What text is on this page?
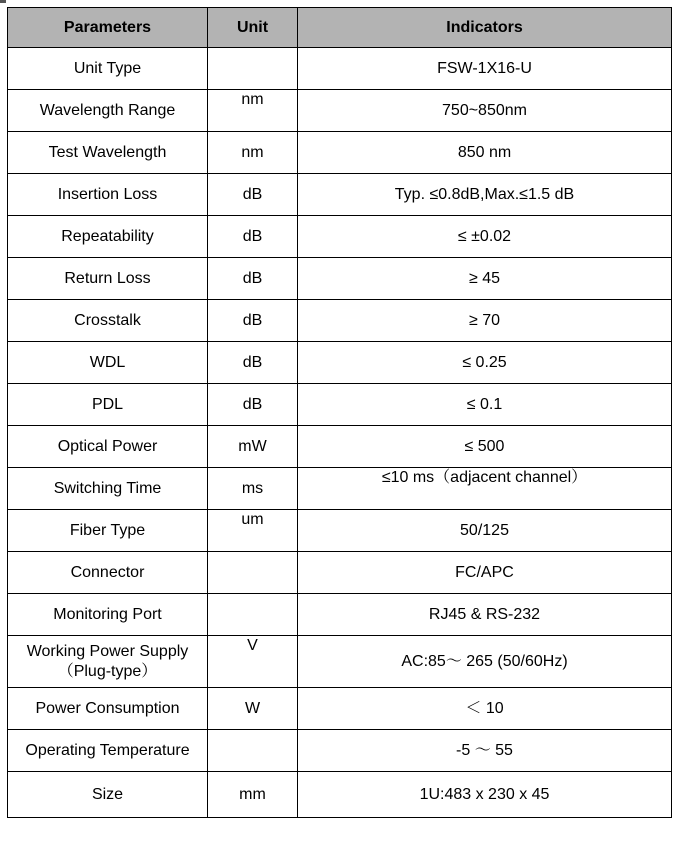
Parameters	Unit	Indicators
Unit Type		FSW-1X16-U
Wavelength Range	nm	750~850nm
Test Wavelength	nm	850 nm
Insertion Loss	dB	Typ. ≤0.8dB,Max.≤1.5 dB
Repeatability	dB	≤ ±0.02
Return Loss	dB	≥ 45
Crosstalk	dB	≥ 70
WDL	dB	≤ 0.25
PDL	dB	≤ 0.1
Optical Power	mW	≤ 500
Switching Time	ms	≤10 ms（adjacent channel）
Fiber Type	um	50/125
Connector		FC/APC
Monitoring Port		RJ45 & RS-232

Working Power Supply
（Plug-type）	V	AC:85～ 265 (50/60Hz)
Power Consumption	W	＜ 10
Operating Temperature		-5 ～ 55
Size	mm	1U:483 x 230 x 45
